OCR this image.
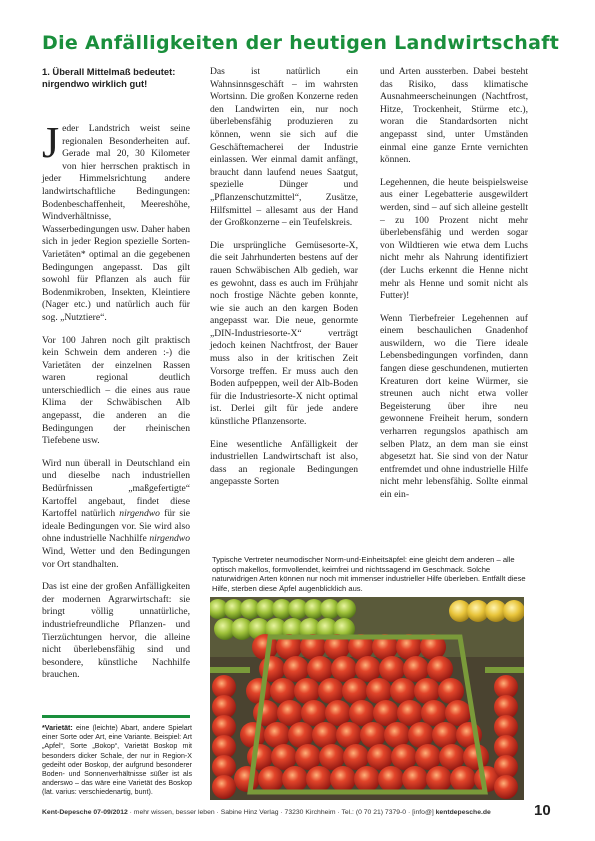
Die Anfälligkeiten der heutigen Landwirtschaft

1. Überall Mittelmaß bedeutet: nirgendwo wirklich gut!

Jeder Landstrich weist seine regionalen Besonderheiten auf. Gerade mal 20, 30 Kilometer von hier herrschen praktisch in jeder Himmelsrichtung andere landwirtschaftliche Bedingungen: Bodenbeschaffenheit, Meereshöhe, Windverhältnisse, Wasserbedingungen usw. Daher haben sich in jeder Region spezielle Sorten-Varietäten* optimal an die gegebenen Bedingungen angepasst. Das gilt sowohl für Pflanzen als auch für Bodenmikroben, Insekten, Kleintiere (Nager etc.) und natürlich auch für sog. „Nutztiere“.

Vor 100 Jahren noch gilt praktisch kein Schwein dem anderen :-) die Varietäten der einzelnen Rassen waren regional deutlich unterschiedlich – die eines aus raue Klima der Schwäbischen Alb angepasst, die anderen an die Bedingungen der rheinischen Tiefebene usw.

Wird nun überall in Deutschland ein und dieselbe nach industriellen Bedürfnissen „maßgefertigte“ Kartoffel angebaut, findet diese Kartoffel natürlich nirgendwo für sie ideale Bedingungen vor. Sie wird also ohne industrielle Nachhilfe nirgendwo Wind, Wetter und den Bedingungen vor Ort standhalten.

Das ist eine der großen Anfälligkeiten der modernen Agrarwirtschaft: sie bringt völlig unnatürliche, industriefreundliche Pflanzen- und Tierzüchtungen hervor, die alleine nicht überlebensfähig sind und besondere, künstliche Nachhilfe brauchen.

Das ist natürlich ein Wahnsinnsgeschäft – im wahrsten Wortsinn. Die großen Konzerne reden den Landwirten ein, nur noch überlebensfähig produzieren zu können, wenn sie sich auf die Geschäftemacherei der Industrie einlassen. Wer einmal damit anfängt, braucht dann laufend neues Saatgut, spezielle Dünger und „Pflanzenschutzmittel“, Zusätze, Hilfsmittel – allesamt aus der Hand der Großkonzerne – ein Teufelskreis.

Die ursprüngliche Gemüsesorte-X, die seit Jahrhunderten bestens auf der rauen Schwäbischen Alb gedieh, war es gewohnt, dass es auch im Frühjahr noch frostige Nächte geben konnte, wie sie auch an den kargen Boden angepasst war. Die neue, genormte „DIN-Industriesorte-X“ verträgt jedoch keinen Nachtfrost, der Bauer muss also in der kritischen Zeit Vorsorge treffen. Er muss auch den Boden aufpeppen, weil der Alb-Boden für die Industriesorte-X nicht optimal ist. Derlei gilt für jede andere künstliche Pflanzensorte.

Eine wesentliche Anfälligkeit der industriellen Landwirtschaft ist also, dass an regionale Bedingungen angepasste Sorten

und Arten aussterben. Dabei besteht das Risiko, dass klimatische Ausnahmeerscheinungen (Nachtfrost, Hitze, Trockenheit, Stürme etc.), woran die Standardsorten nicht angepasst sind, unter Umständen einmal eine ganze Ernte vernichten können.

Legehennen, die heute beispielsweise aus einer Legebatterie ausgewildert werden, sind – auf sich alleine gestellt – zu 100 Prozent nicht mehr überlebensfähig und werden sogar von Wildtieren wie etwa dem Luchs nicht mehr als Nahrung identifiziert (der Luchs erkennt die Henne nicht mehr als Henne und somit nicht als Futter)!

Wenn Tierbefreier Legehennen auf einem beschaulichen Gnadenhof auswildern, wo die Tiere ideale Lebensbedingungen vorfinden, dann fangen diese geschundenen, mutierten Kreaturen dort keine Würmer, sie streunen auch nicht etwa voller Begeisterung über ihre neu gewonnene Freiheit herum, sondern verharren regungslos apathisch am selben Platz, an dem man sie einst abgesetzt hat. Sie sind von der Natur entfremdet und ohne industrielle Hilfe nicht mehr lebensfähig. Sollte einmal ein ein-

*Varietät: eine (leichte) Abart, andere Spielart einer Sorte oder Art, eine Variante. Beispiel: Art „Apfel“, Sorte „Bokop“, Varietät Boskop mit besonders dicker Schale, der nur in Region-X gedeiht oder Boskop, der aufgrund besonderer Boden- und Sonnenverhältnisse süßer ist als anderswo – das wäre eine Varietät des Boskop (lat. varius: verschiedenartig, bunt).
Typische Vertreter neumodischer Norm-und-Einheitsäpfel: eine gleicht dem anderen – alle optisch makellos, formvollendet, keimfrei und nichtssagend im Geschmack. Solche naturwidrigen Arten können nur noch mit immenser industrieller Hilfe überleben. Entfällt diese Hilfe, sterben diese Äpfel augenblicklich aus.
Kent-Depesche 07-09/2012 · mehr wissen, besser leben · Sabine Hinz Verlag · 73230 Kirchheim · Tel.: (0 70 21) 7379-0 · [info@] kentdepesche.de	10
